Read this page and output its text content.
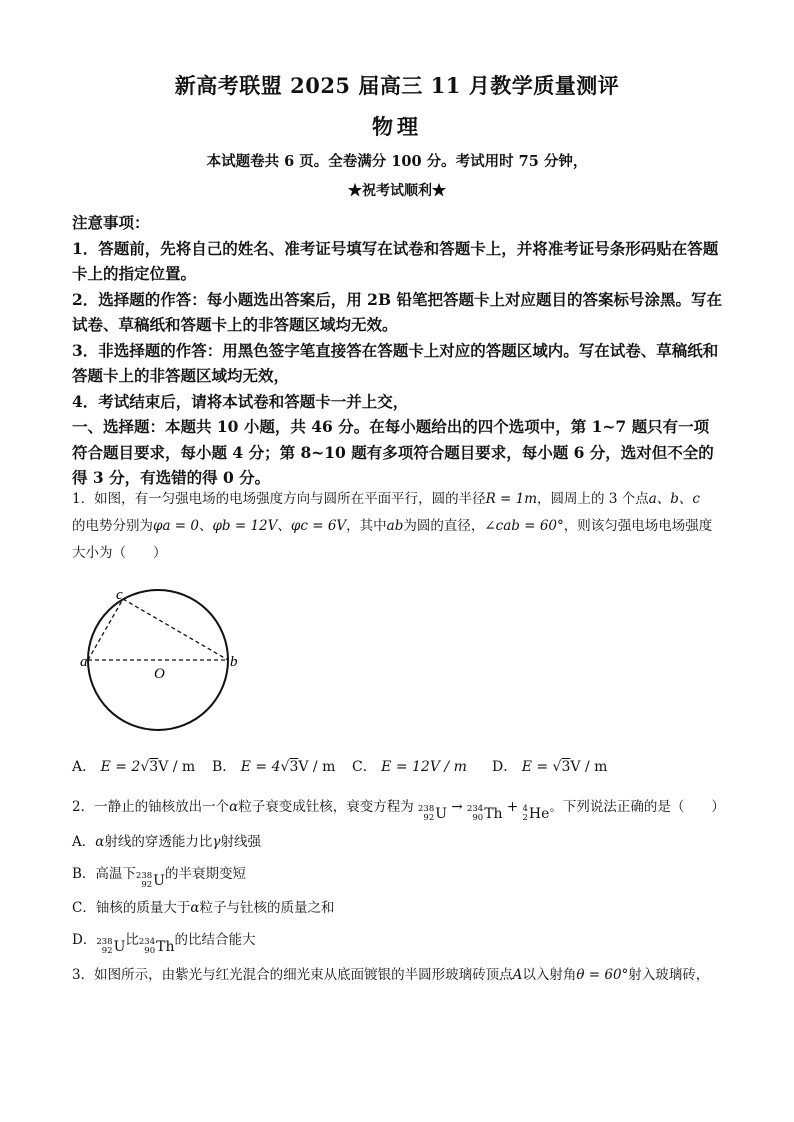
新高考联盟 2025 届高三 11 月教学质量测评
物理
本试题卷共 6 页。全卷满分 100 分。考试用时 75 分钟，
★祝考试顺利★

注意事项：

1．答题前，先将自己的姓名、准考证号填写在试卷和答题卡上，并将准考证号条形码贴在答题卡上的指定位置。

2．选择题的作答：每小题选出答案后，用 2B 铅笔把答题卡上对应题目的答案标号涂黑。写在试卷、草稿纸和答题卡上的非答题区域均无效。

3．非选择题的作答：用黑色签字笔直接答在答题卡上对应的答题区域内。写在试卷、草稿纸和答题卡上的非答题区域均无效，

4．考试结束后，请将本试卷和答题卡一并上交，

一、选择题：本题共 10 小题，共 46 分。在每小题给出的四个选项中，第 1~7 题只有一项符合题目要求，每小题 4 分；第 8~10 题有多项符合题目要求，每小题 6 分，选对但不全的得 3 分，有选错的得 0 分。

1．如图，有一匀强电场的电场强度方向与圆所在平面平行，圆的半径R = 1m，圆周上的 3 个点a、b、c
的电势分别为φa = 0、φb = 12V、φc = 6V，其中ab为圆的直径，∠cab = 60°，则该匀强电场电场强度大小为（　　）

a	b
c
O
A． E = 2√3V / m B． E = 4√3V / m C． E = 12V / m D． E = √3V / m
2．一静止的铀核放出一个α粒子衰变成钍核，衰变方程为 238
92 U → 234
90 Th + 4
2 He 。下列说法正确的是（　　）
A．α射线的穿透能力比γ射线强
B．高温下 238
92 U 的半衰期变短
C．铀核的质量大于α粒子与钍核的质量之和
D． 238
92 U 比 234
90 Th 的比结合能大
3．如图所示，由紫光与红光混合的细光束从底面镀银的半圆形玻璃砖顶点A以入射角θ = 60°射入玻璃砖，
